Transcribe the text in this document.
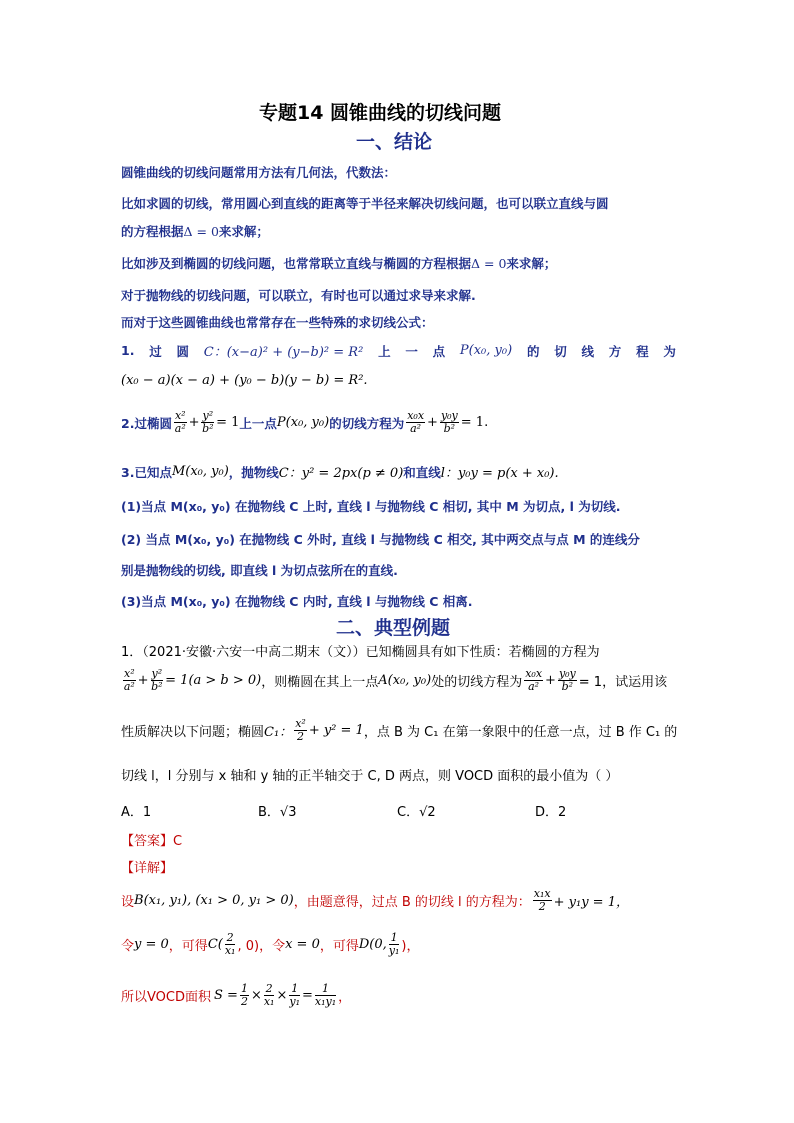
专题14 圆锥曲线的切线问题
一、结论
圆锥曲线的切线问题常用方法有几何法，代数法：
比如求圆的切线，常用圆心到直线的距离等于半径来解决切线问题，也可以联立直线与圆
的方程根据Δ = 0来求解；
比如涉及到椭圆的切线问题，也常常联立直线与椭圆的方程根据Δ = 0来求解；
对于抛物线的切线问题，可以联立，有时也可以通过求导来求解.
而对于这些圆锥曲线也常常存在一些特殊的求切线公式：
1. 过 圆 C：(x−a)² + (y−b)² = R² 上 一 点 P(x₀, y₀) 的 切 线 方 程 为
(x₀ − a)(x − a) + (y₀ − b)(y − b) = R².
2.过椭圆 $\frac{\text{x²}}{\text{a²}} + \frac{\text{y²}}{\text{b²}} = 1$ 上一点 P(x₀, y₀) 的切线方程为 $\frac{\text{x₀x}}{\text{a²}} + \frac{\text{y₀y}}{\text{b²}} = 1$.
3.已知点 M(x₀, y₀) ，抛物线 C：y² = 2px(p ≠ 0) 和直线 l：y₀y = p(x + x₀).
(1)当点 M(x₀, y₀) 在抛物线 C 上时, 直线 l 与抛物线 C 相切, 其中 M 为切点, l 为切线.
(2) 当点 M(x₀, y₀) 在抛物线 C 外时, 直线 l 与抛物线 C 相交, 其中两交点与点 M 的连线分
别是抛物线的切线, 即直线 l 为切点弦所在的直线.
(3)当点 M(x₀, y₀) 在抛物线 C 内时, 直线 l 与抛物线 C 相离.
二、典型例题
1．（2021·安徽·六安一中高二期末（文））已知椭圆具有如下性质：若椭圆的方程为
$\frac{\text{x²}}{\text{a²}} + \frac{\text{y²}}{\text{b²}} = 1(a > b > 0)$ ，则椭圆在其上一点 A(x₀, y₀) 处的切线方程为 $\frac{\text{x₀x}}{\text{a²}} + \frac{\text{y₀y}}{\text{b²}} = 1$，试运用该
性质解决以下问题；椭圆 C₁： $\frac{\text{x²}}{2} + y^2 = 1$ ，点 B 为 C₁ 在第一象限中的任意一点，过 B 作 C₁ 的
切线 l，l 分别与 x 轴和 y 轴的正半轴交于 C, D 两点，则 VOCD 面积的最小值为（ ）
A．1	B．√3	C．√2	D．2
【答案】C
【详解】
设 B(x₁, y₁), (x₁ > 0, y₁ > 0) ，由题意得，过点 B 的切线 l 的方程为： $\frac{\text{x₁x}}{2} + y_1y = 1$，
令 y = 0 ，可得 $C( \frac{2}{\text{x₁}}$ , 0)，令 x = 0 ，可得 D(0, $\frac{1}{\text{y₁}}$ )，
所以VOCD面积 $S = \frac{1}{2} \times \frac{2}{\text{x₁}} \times \frac{1}{\text{y₁}} = \frac{1}{\text{x₁y₁}}$ ，
